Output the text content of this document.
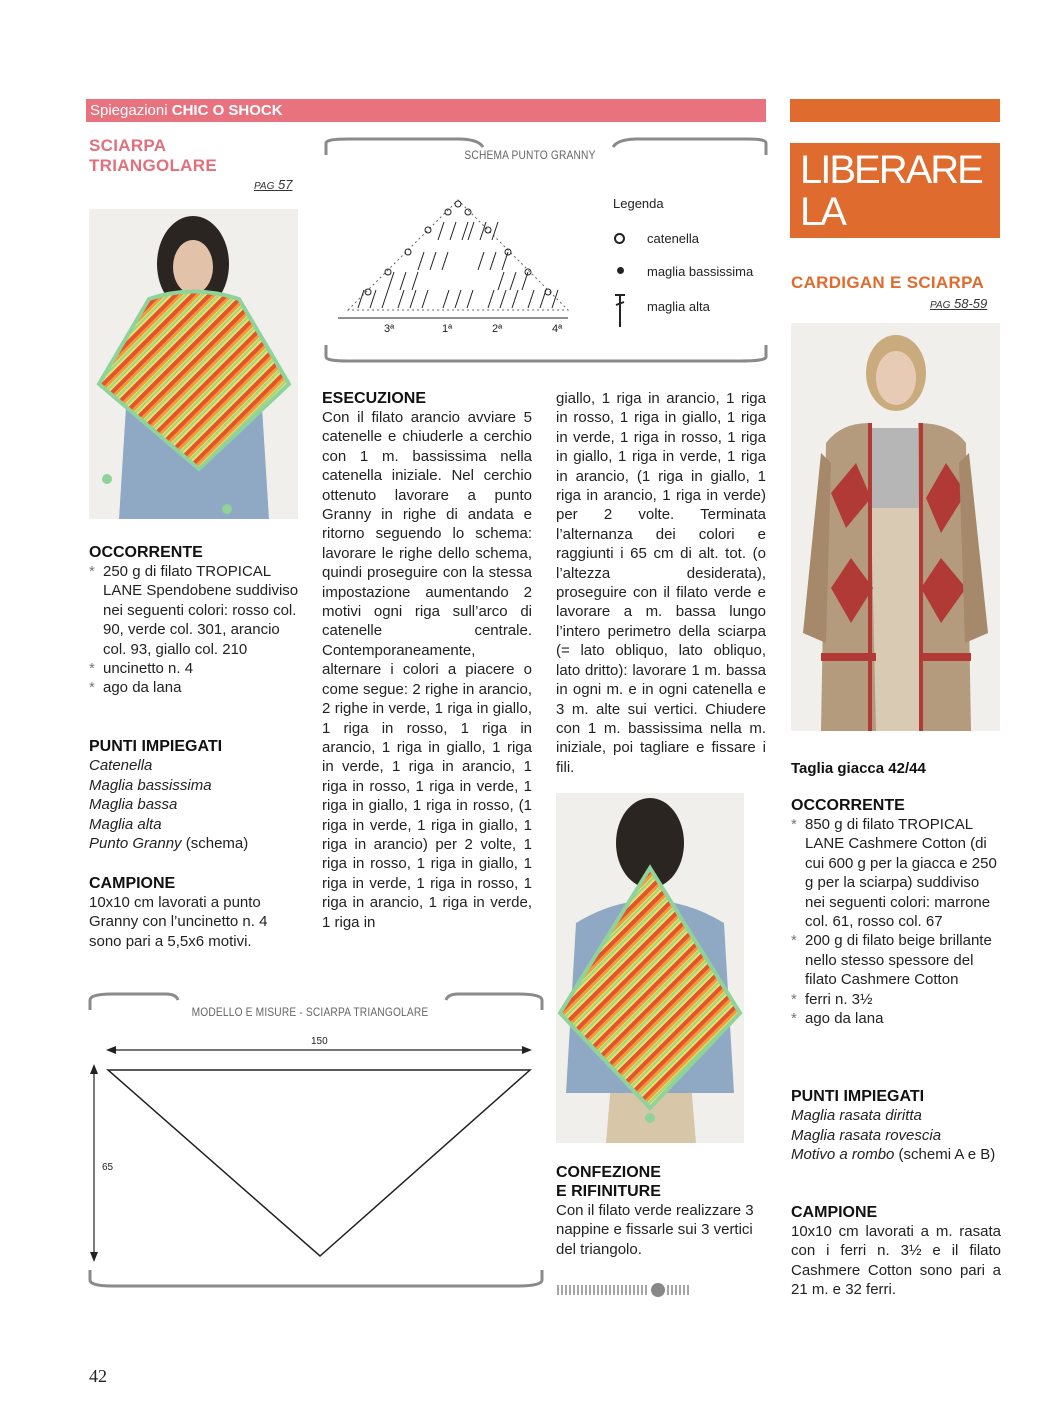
Spiegazioni CHIC O SHOCK
SCIARPA
TRIANGOLARE
PAG 57
OCCORRENTE
* 250 g di filato TROPICAL LANE Spendobene suddiviso nei seguenti colori: rosso col. 90, verde col. 301, arancio col. 93, giallo col. 210
* uncinetto n. 4
* ago da lana
PUNTI IMPIEGATI
Catenella
Maglia bassissima
Maglia bassa
Maglia alta
Punto Granny (schema)
CAMPIONE
10x10 cm lavorati a punto Granny con l’uncinetto n. 4 sono pari a 5,5x6 motivi.
SCHEMA PUNTO GRANNY
3ª	1ª	2ª	4ª
Legenda
catenella
maglia bassissima
maglia alta
ESECUZIONE
Con il filato arancio avviare 5 catenelle e chiuderle a cerchio con 1 m. bassissima nella catenella iniziale. Nel cerchio ottenuto lavorare a punto Granny in righe di andata e ritorno seguendo lo schema: lavorare le righe dello schema, quindi proseguire con la stessa impostazione aumentando 2 motivi ogni riga sull’arco di catenelle centrale. Contemporaneamente, alternare i colori a piacere o come segue: 2 righe in arancio, 2 righe in verde, 1 riga in giallo, 1 riga in rosso, 1 riga in arancio, 1 riga in giallo, 1 riga in verde, 1 riga in arancio, 1 riga in rosso, 1 riga in verde, 1 riga in giallo, 1 riga in rosso, (1 riga in verde, 1 riga in giallo, 1 riga in arancio) per 2 volte, 1 riga in rosso, 1 riga in giallo, 1 riga in verde, 1 riga in rosso, 1 riga in arancio, 1 riga in verde, 1 riga in
giallo, 1 riga in arancio, 1 riga in rosso, 1 riga in giallo, 1 riga in verde, 1 riga in rosso, 1 riga in giallo, 1 riga in verde, 1 riga in arancio, (1 riga in giallo, 1 riga in arancio, 1 riga in verde) per 2 volte. Terminata l’alternanza dei colori e raggiunti i 65 cm di alt. tot. (o l’altezza desiderata), proseguire con il filato verde e lavorare a m. bassa lungo l’intero perimetro della sciarpa (= lato obliquo, lato obliquo, lato dritto): lavorare 1 m. bassa in ogni m. e in ogni catenella e 3 m. alte sui vertici. Chiudere con 1 m. bassissima nella m. iniziale, poi tagliare e fissare i fili.
CONFEZIONE
E RIFINITURE
Con il filato verde realizzare 3 nappine e fissarle sui 3 vertici del triangolo.
MODELLO E MISURE - SCIARPA TRIANGOLARE
150
65
LIBERARE
LA FANTASIA
CARDIGAN E SCIARPA
PAG 58-59
Taglia giacca 42/44
OCCORRENTE
* 850 g di filato TROPICAL LANE Cashmere Cotton (di cui 600 g per la giacca e 250 g per la sciarpa) suddiviso nei seguenti colori: marrone col. 61, rosso col. 67
* 200 g di filato beige brillante nello stesso spessore del filato Cashmere Cotton
* ferri n. 3½
* ago da lana
PUNTI IMPIEGATI
Maglia rasata diritta
Maglia rasata rovescia
Motivo a rombo (schemi A e B)
CAMPIONE
10x10 cm lavorati a m. rasata con i ferri n. 3½ e il filato Cashmere Cotton sono pari a 21 m. e 32 ferri.
42
